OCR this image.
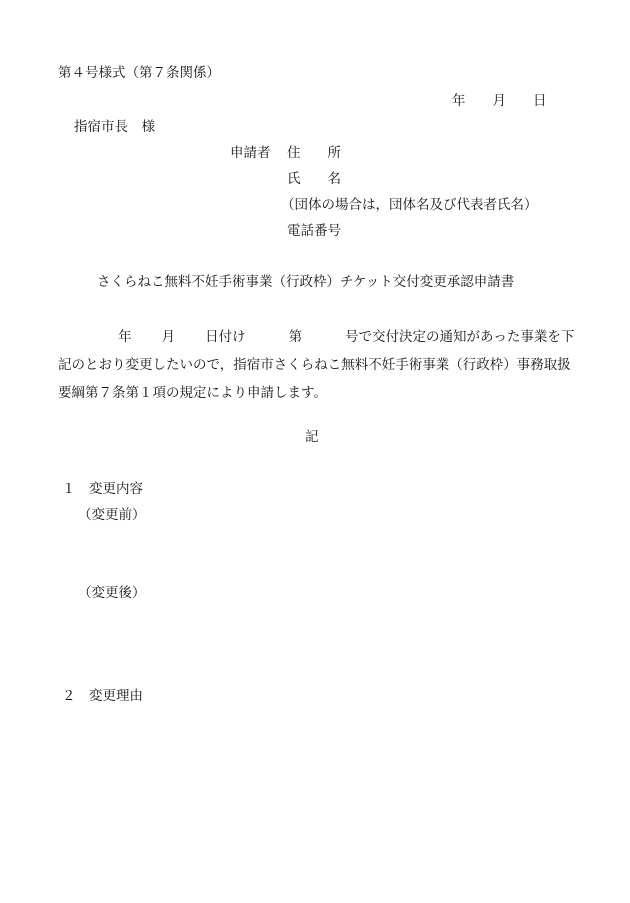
第４号様式（第７条関係）
年　　月　　日
指宿市長　様
申請者 住　　所
氏　　名
（団体の場合は，団体名及び代表者氏名）
電話番号
さくらねこ無料不妊手術事業（行政枠）チケット交付変更承認申請書
年 月 日付け	第	号で交付決定の通知があった事業を下記のとおり変更したいので，指宿市さくらねこ無料不妊手術事業（行政枠）事務取扱要綱第７条第１項の規定により申請します。
記
１　変更内容
（変更前）
（変更後）
２　変更理由
